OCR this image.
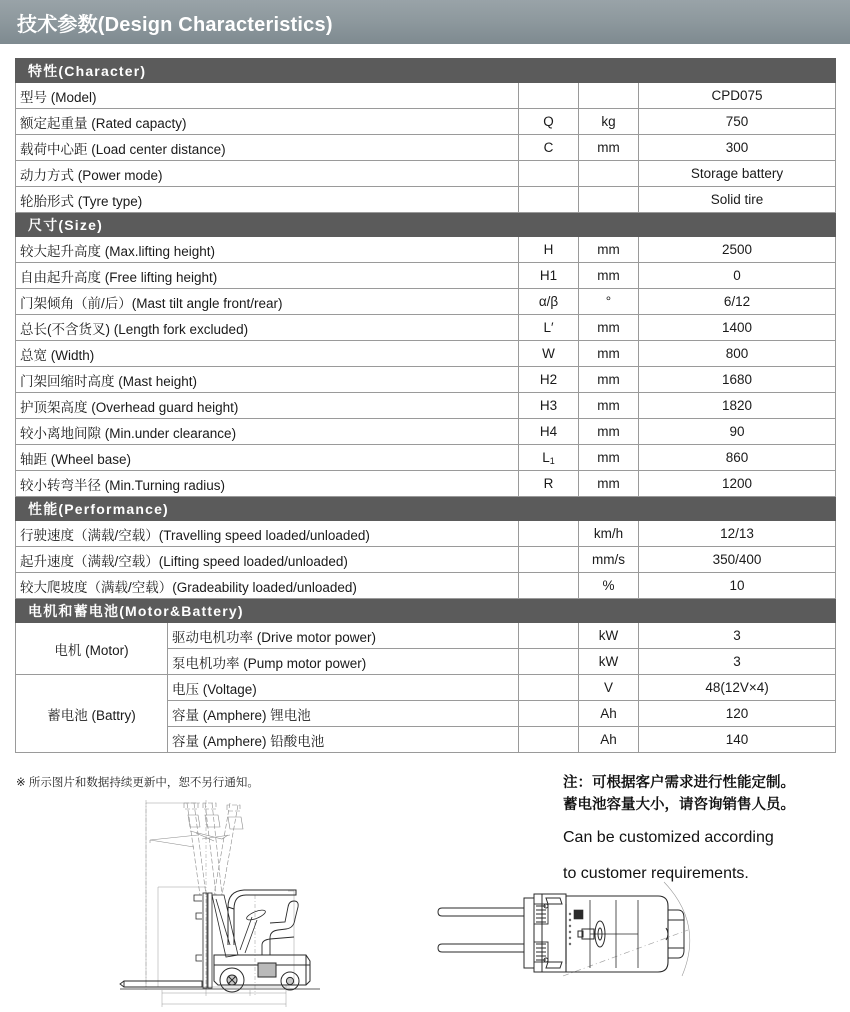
技术参数(Design Characteristics)
特性(Character)				
型号 (Model)				CPD075
额定起重量 (Rated capacty)		Q	kg	750
载荷中心距 (Load center distance)		C	mm	300
动力方式 (Power mode)				Storage battery
轮胎形式 (Tyre type)				Solid tire
尺寸(Size)				
较大起升高度 (Max.lifting height)		H	mm	2500
自由起升高度 (Free lifting height)		H1	mm	0
门架倾角（前/后）(Mast tilt angle front/rear)		α/β	°	6/12
总长(不含货叉) (Length fork excluded)		L′	mm	1400
总宽 (Width)		W	mm	800
门架回缩时高度 (Mast height)		H2	mm	1680
护顶架高度 (Overhead guard height)		H3	mm	1820
较小离地间隙 (Min.under clearance)		H4	mm	90
轴距 (Wheel base)		$L_1$	mm	860
较小转弯半径 (Min.Turning radius)		R	mm	1200
性能(Performance)				
行驶速度（满载/空载）(Travelling speed loaded/unloaded)			km/h	12/13
起升速度（满载/空载）(Lifting speed loaded/unloaded)			mm/s	350/400
较大爬坡度（满载/空载）(Gradeability loaded/unloaded)			%	10
电机和蓄电池(Motor&Battery)				
电机 (Motor)	驱动电机功率 (Drive motor power)		kW	3
	泵电机功率 (Pump motor power)		kW	3
蓄电池 (Battry)	电压 (Voltage)		V	48(12V×4)
	容量 (Amphere) 锂电池		Ah	120
	容量 (Amphere) 铅酸电池		Ah	140
※ 所示图片和数据持续更新中，恕不另行通知。	注：可根据客户需求进行性能定制。
蓄电池容量大小，请咨询销售人员。
Can be customized according
to customer requirements.
